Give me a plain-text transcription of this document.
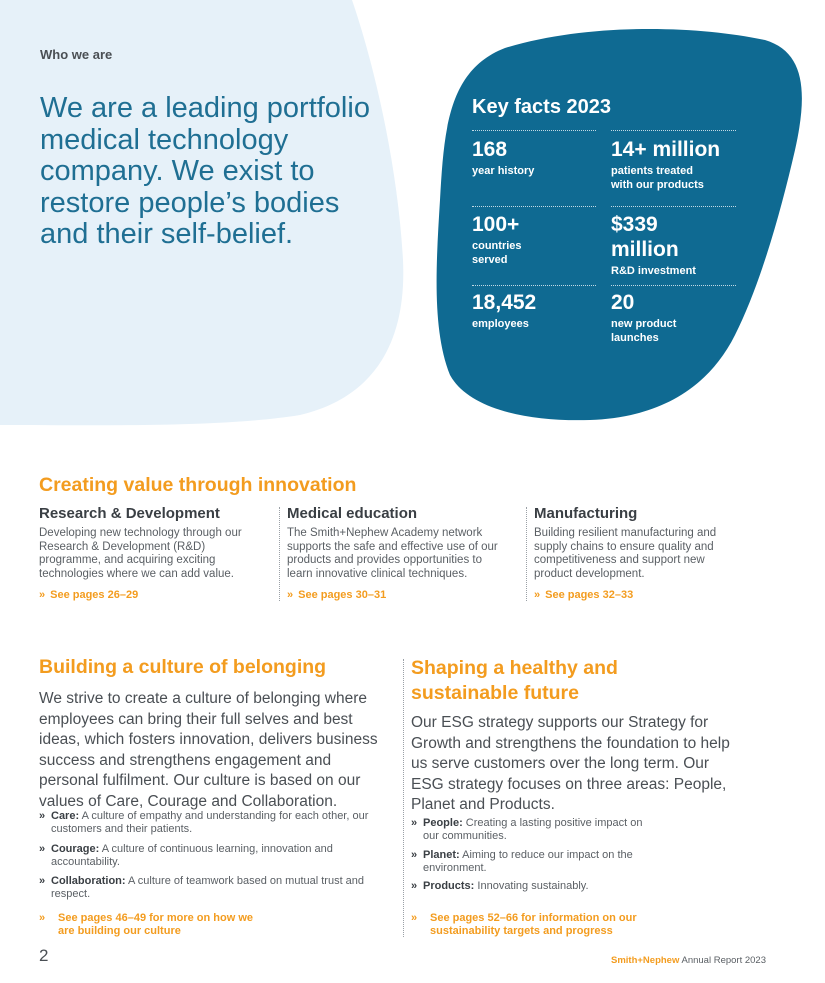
Who we are
We are a leading portfolio medical technology company. We exist to restore people’s bodies and their self-belief.
Key facts 2023
168
year history
14+ million
patients treated with our products
100+
countries served
$339 million
R&D investment
18,452
employees
20
new product launches
Creating value through innovation
Research & Development
Developing new technology through our Research & Development (R&D) programme, and acquiring exciting technologies where we can add value.
» See pages 26–29
Medical education
The Smith+Nephew Academy network supports the safe and effective use of our products and provides opportunities to learn innovative clinical techniques.
» See pages 30–31
Manufacturing
Building resilient manufacturing and supply chains to ensure quality and competitiveness and support new product development.
» See pages 32–33
Building a culture of belonging
We strive to create a culture of belonging where employees can bring their full selves and best ideas, which fosters innovation, delivers business success and strengthens engagement and personal fulfilment. Our culture is based on our values of Care, Courage and Collaboration.
» Care: A culture of empathy and understanding for each other, our customers and their patients.
» Courage: A culture of continuous learning, innovation and accountability.
» Collaboration: A culture of teamwork based on mutual trust and respect.
» See pages 46–49 for more on how we are building our culture
Shaping a healthy and sustainable future
Our ESG strategy supports our Strategy for Growth and strengthens the foundation to help us serve customers over the long term. Our ESG strategy focuses on three areas: People, Planet and Products.
» People: Creating a lasting positive impact on our communities.
» Planet: Aiming to reduce our impact on the environment.
» Products: Innovating sustainably.
» See pages 52–66 for information on our sustainability targets and progress
2	Smith+Nephew Annual Report 2023
